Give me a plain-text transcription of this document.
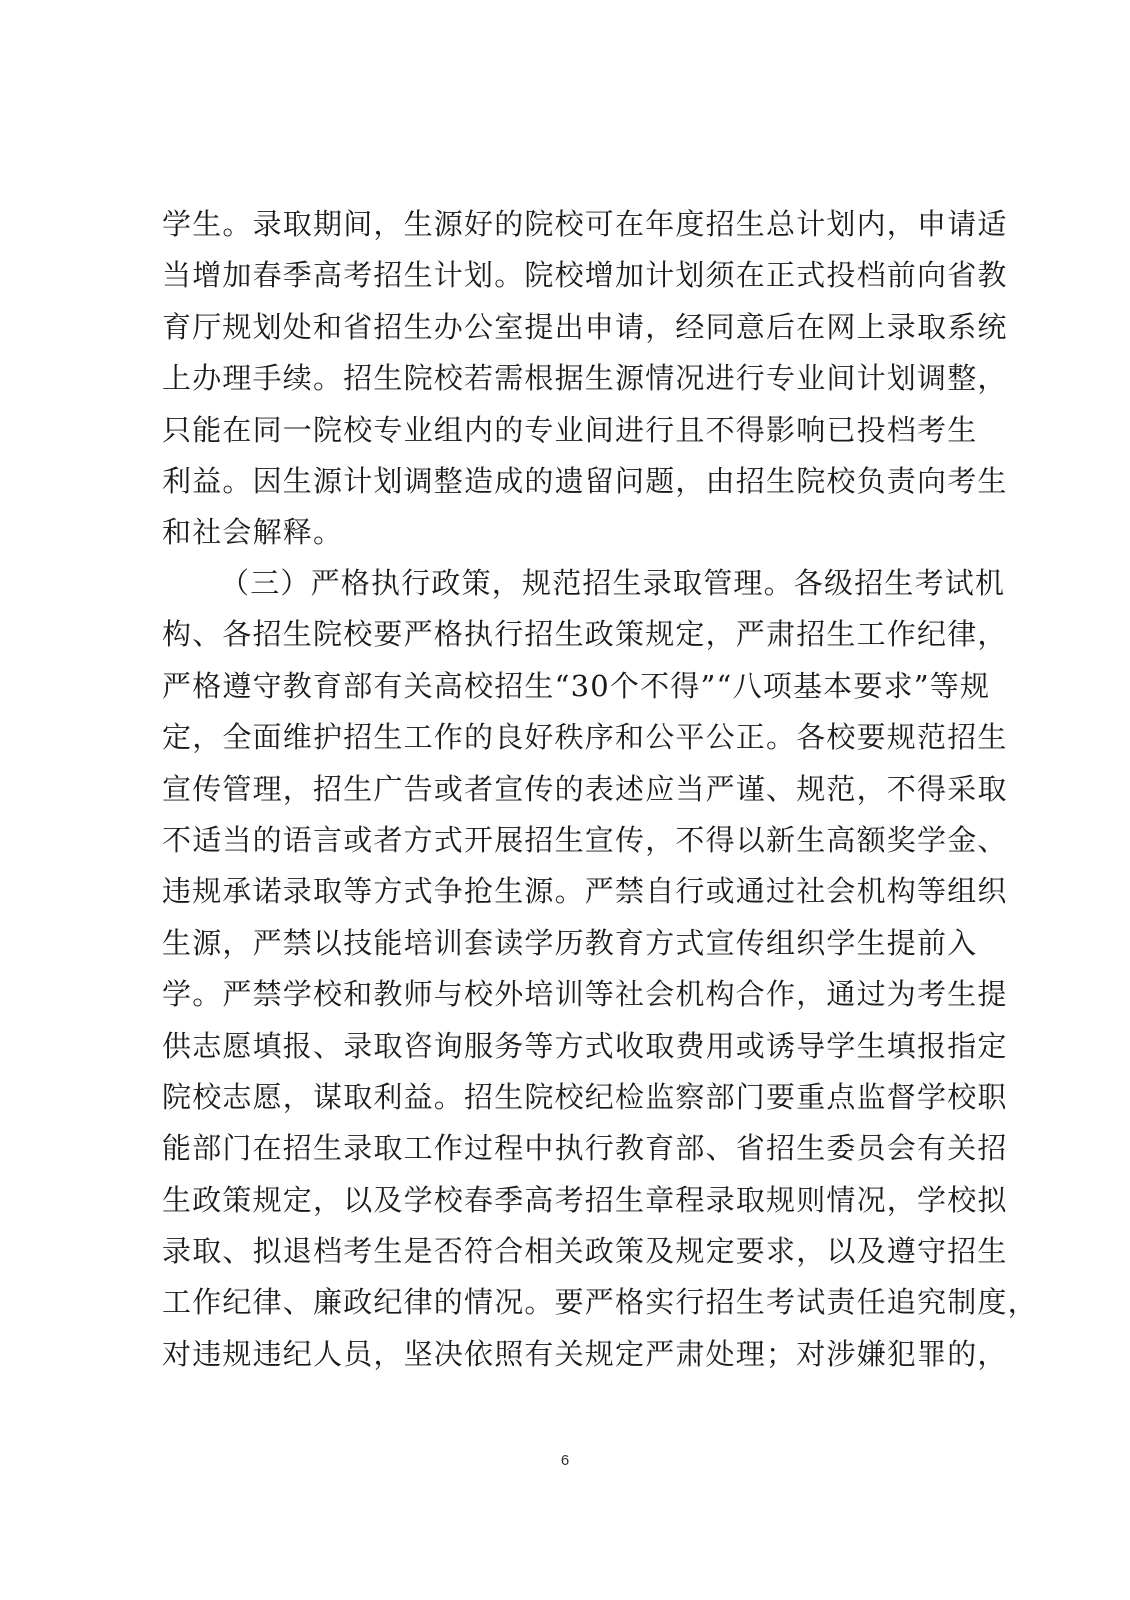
学生。录取期间，生源好的院校可在年度招生总计划内，申请适
当增加春季高考招生计划。院校增加计划须在正式投档前向省教
育厅规划处和省招生办公室提出申请，经同意后在网上录取系统
上办理手续。招生院校若需根据生源情况进行专业间计划调整，
只能在同一院校专业组内的专业间进行且不得影响已投档考生
利益。因生源计划调整造成的遗留问题，由招生院校负责向考生
和社会解释。
（三）严格执行政策，规范招生录取管理。各级招生考试机
构、各招生院校要严格执行招生政策规定，严肃招生工作纪律，
严格遵守教育部有关高校招生“30个不得”“八项基本要求”等规
定，全面维护招生工作的良好秩序和公平公正。各校要规范招生
宣传管理，招生广告或者宣传的表述应当严谨、规范，不得采取
不适当的语言或者方式开展招生宣传，不得以新生高额奖学金、
违规承诺录取等方式争抢生源。严禁自行或通过社会机构等组织
生源，严禁以技能培训套读学历教育方式宣传组织学生提前入
学。严禁学校和教师与校外培训等社会机构合作，通过为考生提
供志愿填报、录取咨询服务等方式收取费用或诱导学生填报指定
院校志愿，谋取利益。招生院校纪检监察部门要重点监督学校职
能部门在招生录取工作过程中执行教育部、省招生委员会有关招
生政策规定，以及学校春季高考招生章程录取规则情况，学校拟
录取、拟退档考生是否符合相关政策及规定要求，以及遵守招生
工作纪律、廉政纪律的情况。要严格实行招生考试责任追究制度，
对违规违纪人员，坚决依照有关规定严肃处理；对涉嫌犯罪的，
6
